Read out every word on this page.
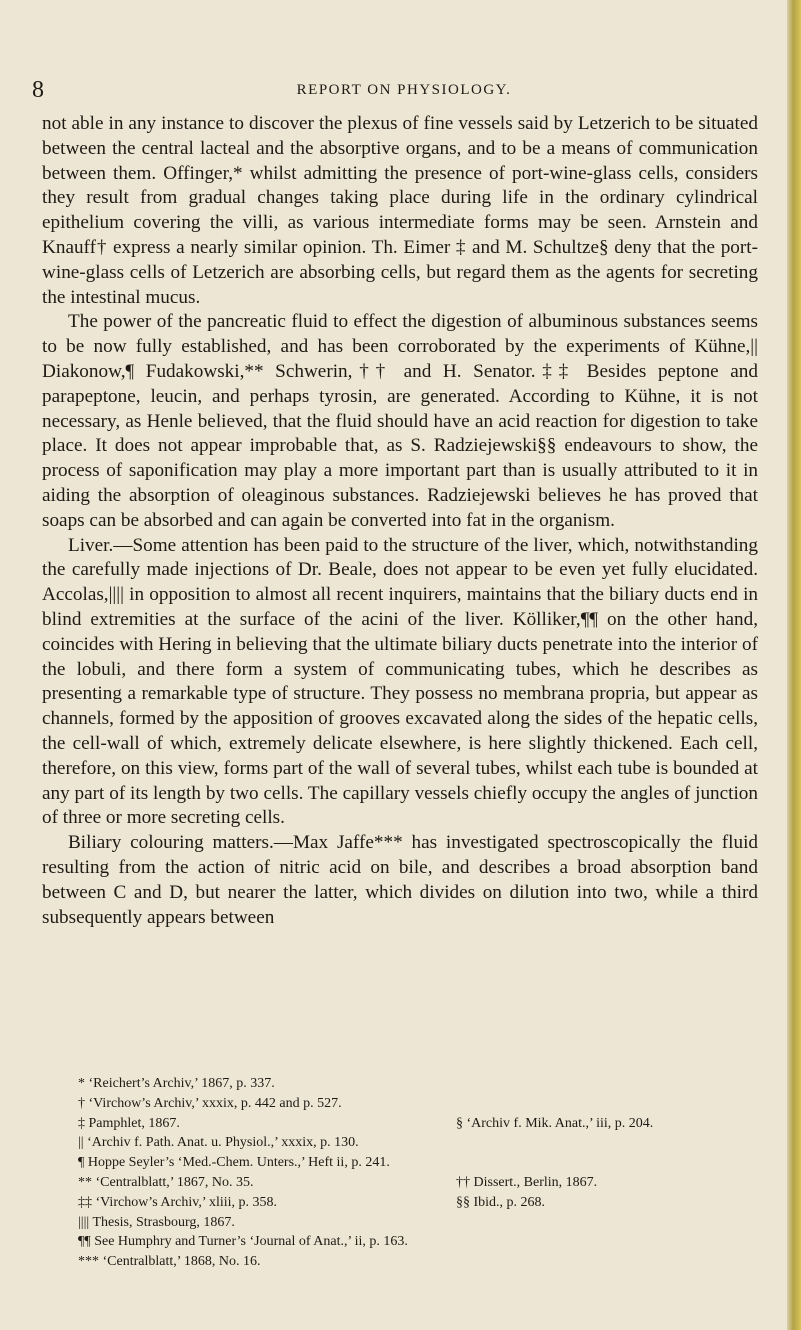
8	REPORT ON PHYSIOLOGY.

not able in any instance to discover the plexus of fine vessels said by Letzerich to be situated between the central lacteal and the absorptive organs, and to be a means of communication between them. Offinger,* whilst admitting the presence of port-wine-glass cells, considers they result from gradual changes taking place during life in the ordinary cylindrical epithelium covering the villi, as various intermediate forms may be seen. Arnstein and Knauff† express a nearly similar opinion. Th. Eimer ‡ and M. Schultze§ deny that the port-wine-glass cells of Letzerich are absorbing cells, but regard them as the agents for secreting the intestinal mucus.

The power of the pancreatic fluid to effect the digestion of albuminous substances seems to be now fully established, and has been corroborated by the experiments of Kühne,|| Diakonow,¶ Fudakowski,** Schwerin,†† and H. Senator.‡‡ Besides peptone and parapeptone, leucin, and perhaps tyrosin, are generated. According to Kühne, it is not necessary, as Henle believed, that the fluid should have an acid reaction for digestion to take place. It does not appear improbable that, as S. Radziejewski§§ endeavours to show, the process of saponification may play a more important part than is usually attributed to it in aiding the absorption of oleaginous substances. Radziejewski believes he has proved that soaps can be absorbed and can again be converted into fat in the organism.

Liver.—Some attention has been paid to the structure of the liver, which, notwithstanding the carefully made injections of Dr. Beale, does not appear to be even yet fully elucidated. Accolas,|||| in opposition to almost all recent inquirers, maintains that the biliary ducts end in blind extremities at the surface of the acini of the liver. Kölliker,¶¶ on the other hand, coincides with Hering in believing that the ultimate biliary ducts penetrate into the interior of the lobuli, and there form a system of communicating tubes, which he describes as presenting a remarkable type of structure. They possess no membrana propria, but appear as channels, formed by the apposition of grooves excavated along the sides of the hepatic cells, the cell-wall of which, extremely delicate elsewhere, is here slightly thickened. Each cell, therefore, on this view, forms part of the wall of several tubes, whilst each tube is bounded at any part of its length by two cells. The capillary vessels chiefly occupy the angles of junction of three or more secreting cells.

Biliary colouring matters.—Max Jaffe*** has investigated spectroscopically the fluid resulting from the action of nitric acid on bile, and describes a broad absorption band between C and D, but nearer the latter, which divides on dilution into two, while a third subsequently appears between

* ‘Reichert’s Archiv,’ 1867, p. 337.
† ‘Virchow’s Archiv,’ xxxix, p. 442 and p. 527.
‡ Pamphlet, 1867.	§ ‘Archiv f. Mik. Anat.,’ iii, p. 204.
|| ‘Archiv f. Path. Anat. u. Physiol.,’ xxxix, p. 130.
¶ Hoppe Seyler’s ‘Med.-Chem. Unters.,’ Heft ii, p. 241.
** ‘Centralblatt,’ 1867, No. 35.	†† Dissert., Berlin, 1867.
‡‡ ‘Virchow’s Archiv,’ xliii, p. 358.	§§ Ibid., p. 268.
|||| Thesis, Strasbourg, 1867.
¶¶ See Humphry and Turner’s ‘Journal of Anat.,’ ii, p. 163.
*** ‘Centralblatt,’ 1868, No. 16.
